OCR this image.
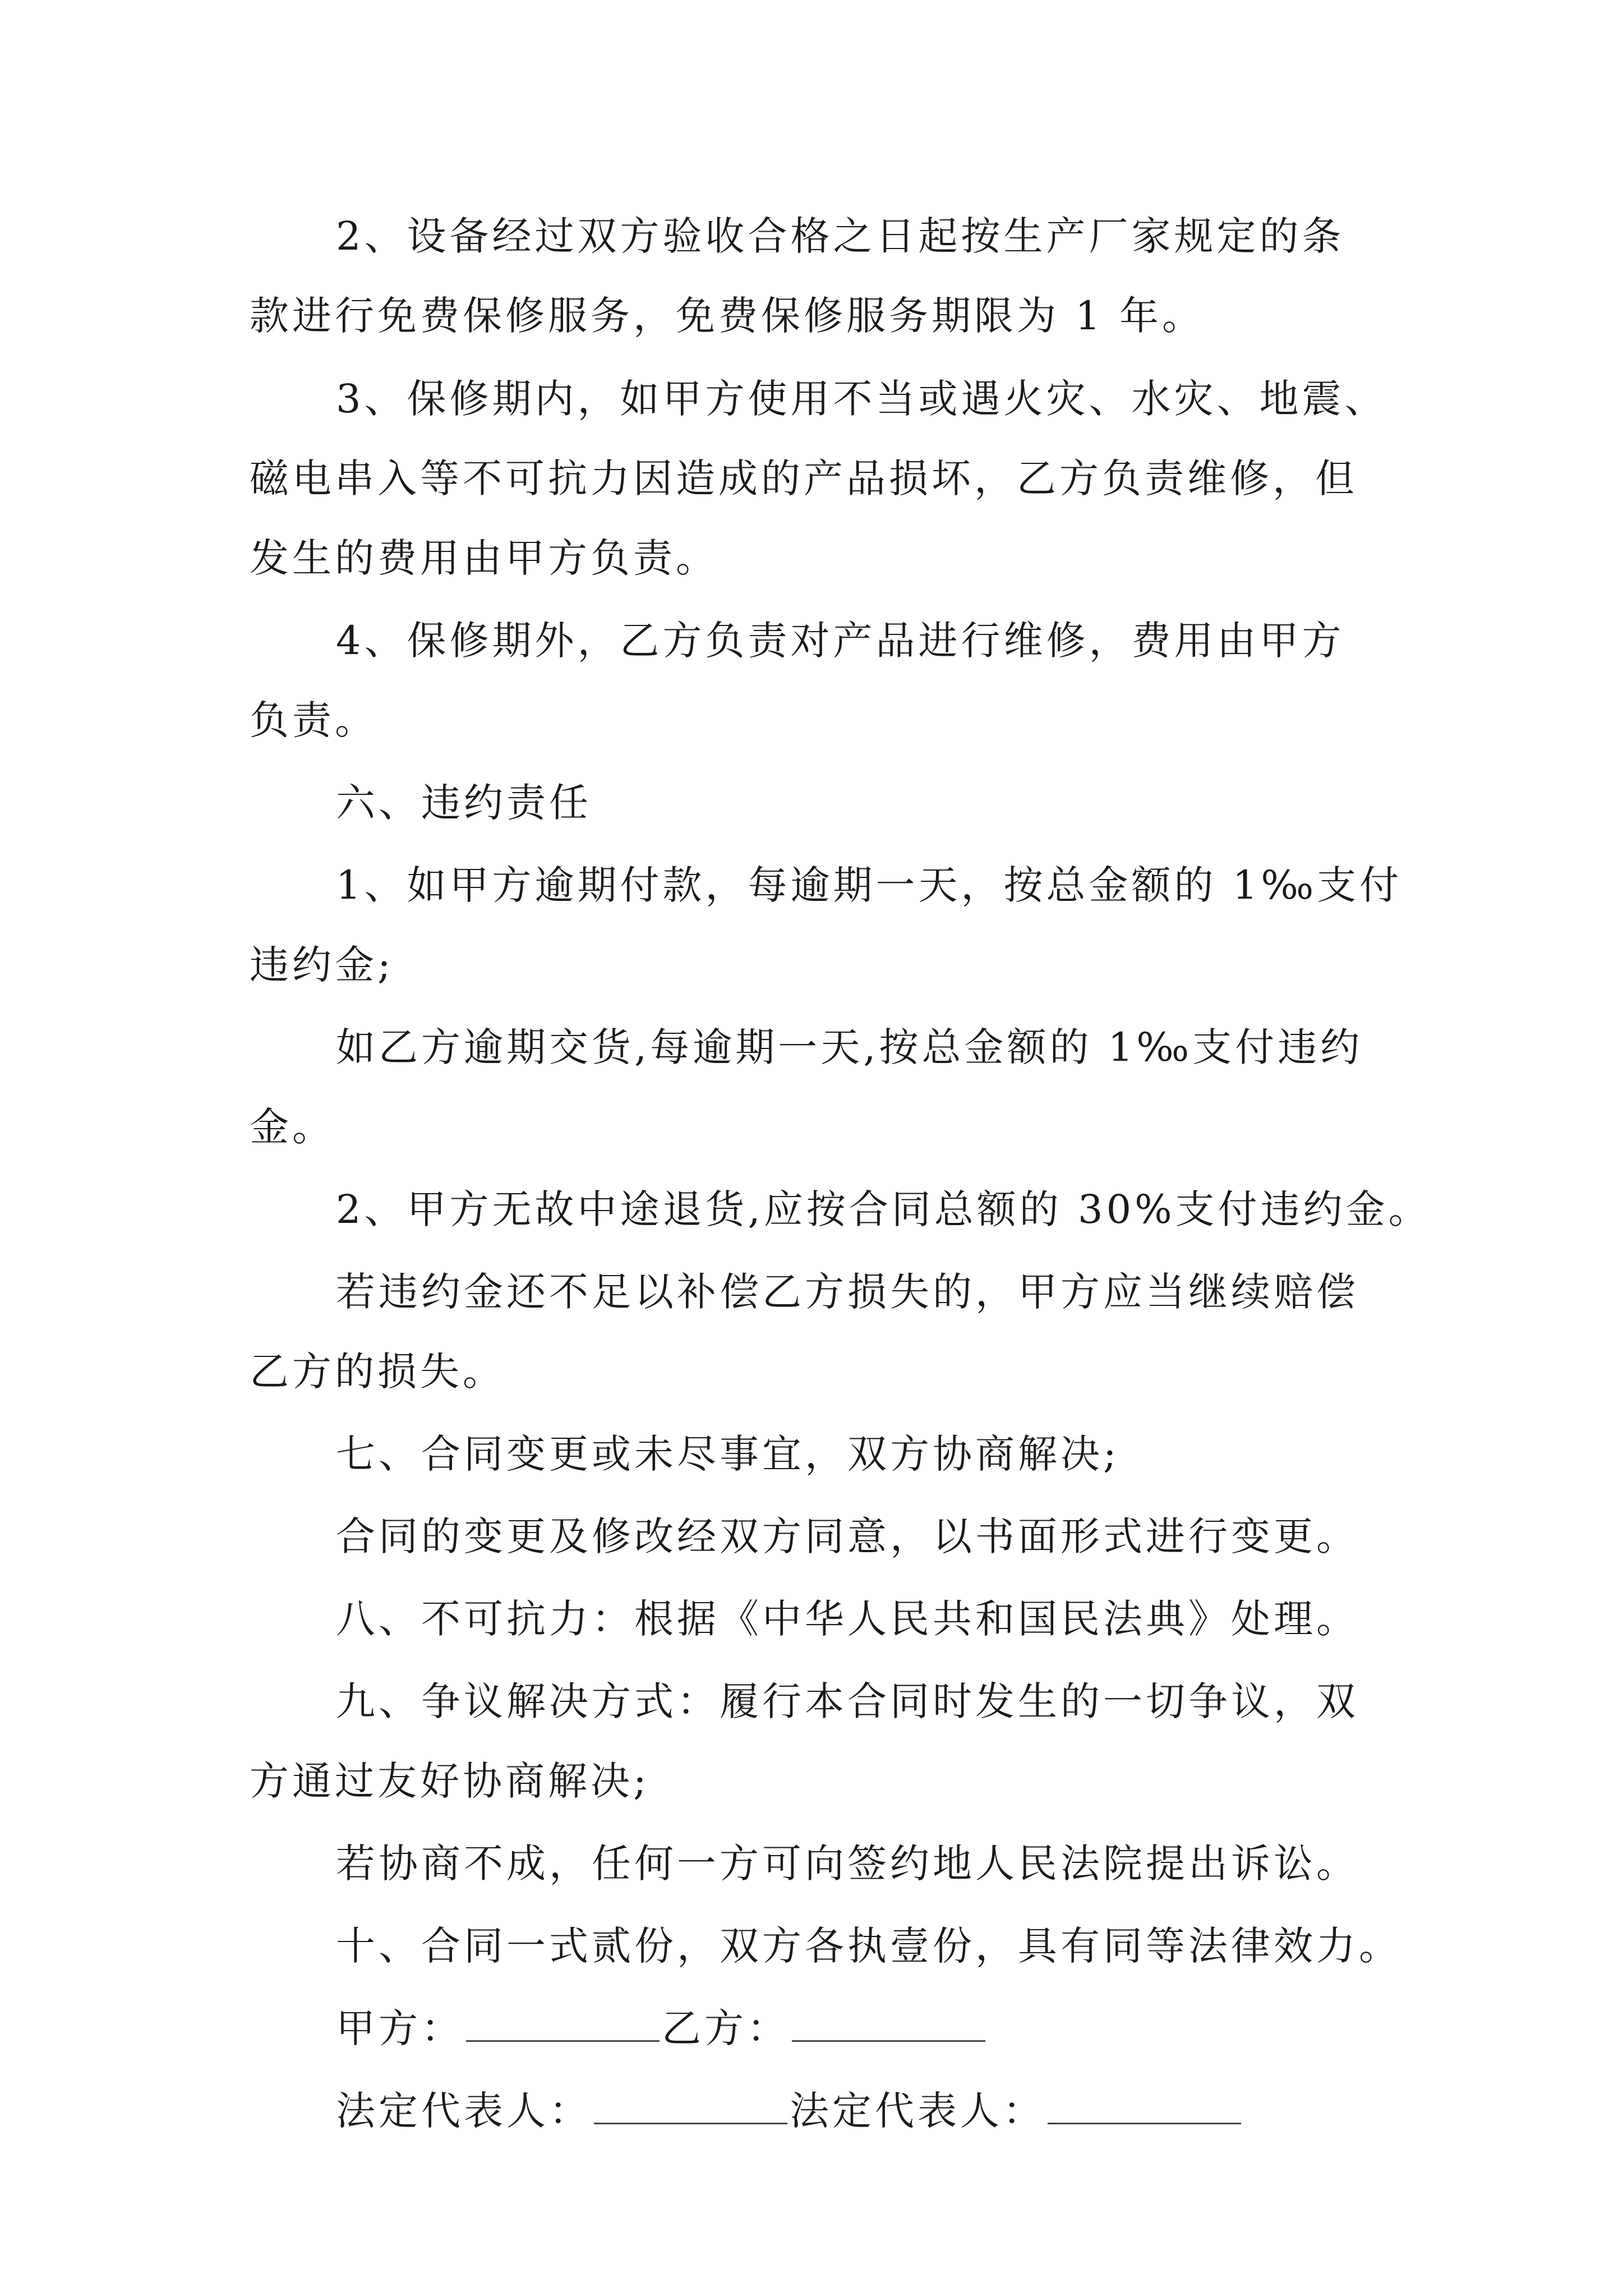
2、设备经过双方验收合格之日起按生产厂家规定的条

款进行免费保修服务，免费保修服务期限为 1 年。

3、保修期内，如甲方使用不当或遇火灾、水灾、地震、

磁电串入等不可抗力因造成的产品损坏，乙方负责维修，但

发生的费用由甲方负责。

4、保修期外，乙方负责对产品进行维修，费用由甲方

负责。

六、违约责任

1、如甲方逾期付款，每逾期一天，按总金额的 1‰支付

违约金;

如乙方逾期交货,每逾期一天,按总金额的 1‰支付违约

金。

2、甲方无故中途退货,应按合同总额的 30%支付违约金。

若违约金还不足以补偿乙方损失的，甲方应当继续赔偿

乙方的损失。

七、合同变更或未尽事宜，双方协商解决;

合同的变更及修改经双方同意，以书面形式进行变更。

八、不可抗力：根据《中华人民共和国民法典》处理。

九、争议解决方式：履行本合同时发生的一切争议，双

方通过友好协商解决;

若协商不成，任何一方可向签约地人民法院提出诉讼。

十、合同一式贰份，双方各执壹份，具有同等法律效力。

甲方：	乙方：
法定代表人：	法定代表人：
